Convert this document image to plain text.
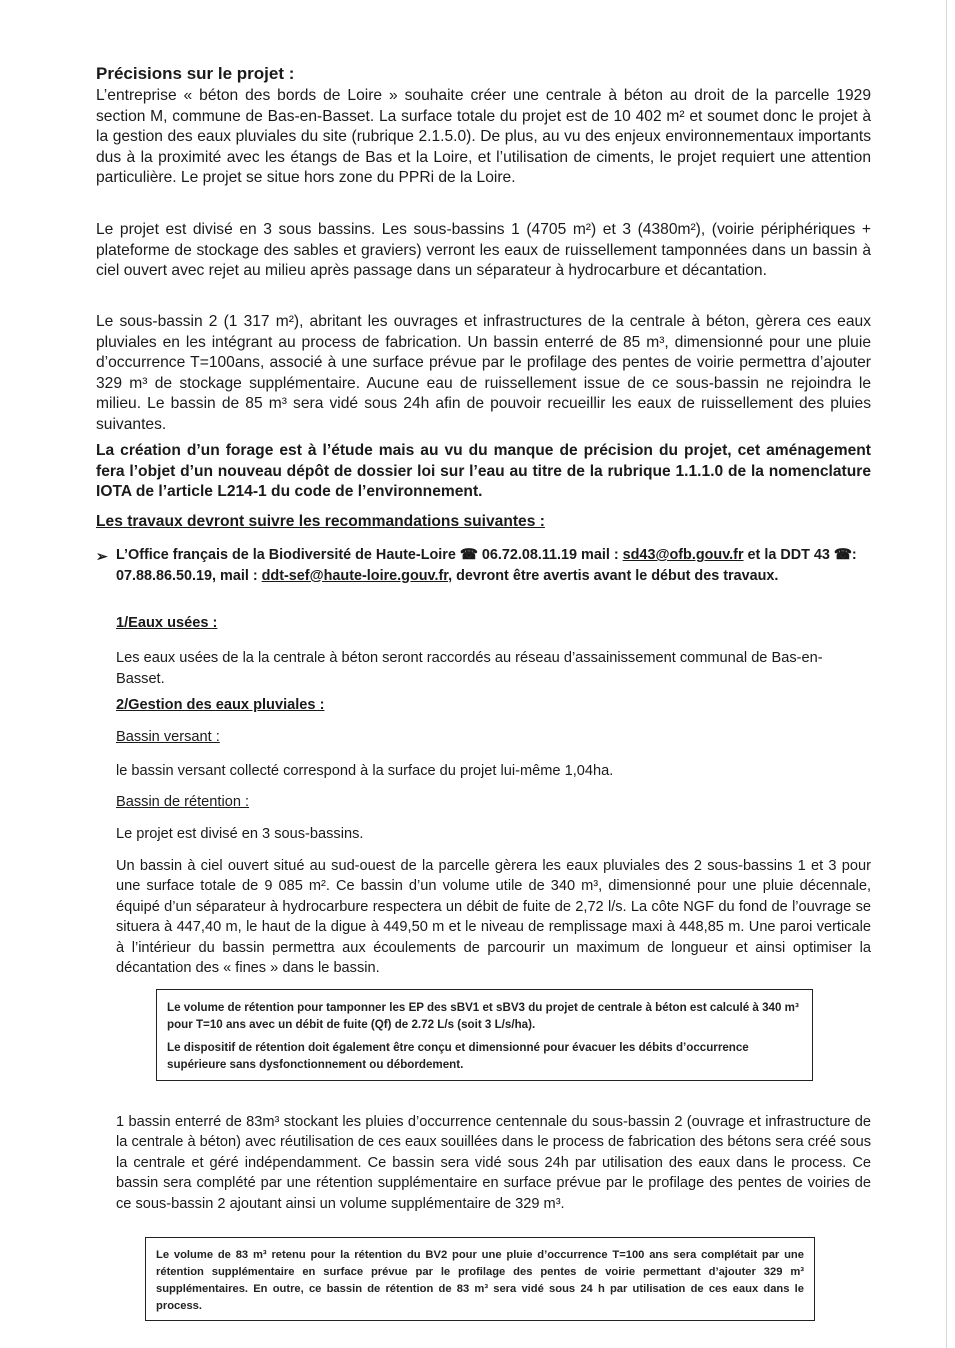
Précisions sur le projet :
L’entreprise « béton des bords de Loire » souhaite créer une centrale à béton au droit de la parcelle 1929 section M, commune de Bas-en-Basset. La surface totale du projet est de 10 402 m² et soumet donc le projet à la gestion des eaux pluviales du site (rubrique 2.1.5.0). De plus, au vu des enjeux environnementaux importants dus à la proximité avec les étangs de Bas et la Loire, et l’utilisation de ciments, le projet requiert une attention particulière. Le projet se situe hors zone du PPRi de la Loire.
Le projet est divisé en 3 sous bassins. Les sous-bassins 1 (4705 m²) et 3 (4380m²), (voirie périphériques + plateforme de stockage des sables et graviers) verront les eaux de ruissellement tamponnées dans un bassin à ciel ouvert avec rejet au milieu après passage dans un séparateur à hydrocarbure et décantation.
Le sous-bassin 2 (1 317 m²), abritant les ouvrages et infrastructures de la centrale à béton, gèrera ces eaux pluviales en les intégrant au process de fabrication. Un bassin enterré de 85 m³, dimensionné pour une pluie d’occurrence T=100ans, associé à une surface prévue par le profilage des pentes de voirie permettra d’ajouter 329 m³ de stockage supplémentaire. Aucune eau de ruissellement issue de ce sous-bassin ne rejoindra le milieu. Le bassin de 85 m³ sera vidé sous 24h afin de pouvoir recueillir les eaux de ruissellement des pluies suivantes.
La création d’un forage est à l’étude mais au vu du manque de précision du projet, cet aménagement fera l’objet d’un nouveau dépôt de dossier loi sur l’eau au titre de la rubrique 1.1.1.0 de la nomenclature IOTA de l’article L214-1 du code de l’environnement.
Les travaux devront suivre les recommandations suivantes :
➢ L’Office français de la Biodiversité de Haute-Loire ☎ 06.72.08.11.19 mail : sd43@ofb.gouv.fr et la DDT 43 ☎: 07.88.86.50.19, mail : ddt-sef@haute-loire.gouv.fr, devront être avertis avant le début des travaux.
1/Eaux usées :
Les eaux usées de la la centrale à béton seront raccordés au réseau d’assainissement communal de Bas-en-Basset.
2/Gestion des eaux pluviales :
Bassin versant :
le bassin versant collecté correspond à la surface du projet lui-même 1,04ha.
Bassin de rétention :
Le projet est divisé en 3 sous-bassins.
Un bassin à ciel ouvert situé au sud-ouest de la parcelle gèrera les eaux pluviales des 2 sous-bassins 1 et 3 pour une surface totale de 9 085 m². Ce bassin d’un volume utile de 340 m³, dimensionné pour une pluie décennale, équipé d’un séparateur à hydrocarbure respectera un débit de fuite de 2,72 l/s. La côte NGF du fond de l’ouvrage se situera à 447,40 m, le haut de la digue à 449,50 m et le niveau de remplissage maxi à 448,85 m. Une paroi verticale à l’intérieur du bassin permettra aux écoulements de parcourir un maximum de longueur et ainsi optimiser la décantation des « fines » dans le bassin.

Le volume de rétention pour tamponner les EP des sBV1 et sBV3 du projet de centrale à béton est calculé à 340 m³ pour T=10 ans avec un débit de fuite (Qf) de 2.72 L/s (soit 3 L/s/ha).

Le dispositif de rétention doit également être conçu et dimensionné pour évacuer les débits d’occurrence supérieure sans dysfonctionnement ou débordement.

1 bassin enterré de 83m³ stockant les pluies d’occurrence centennale du sous-bassin 2 (ouvrage et infrastructure de la centrale à béton) avec réutilisation de ces eaux souillées dans le process de fabrication des bétons sera créé sous la centrale et géré indépendamment. Ce bassin sera vidé sous 24h par utilisation des eaux dans le process. Ce bassin sera complété par une rétention supplémentaire en surface prévue par le profilage des pentes de voiries de ce sous-bassin 2 ajoutant ainsi un volume supplémentaire de 329 m³.
Le volume de 83 m³ retenu pour la rétention du BV2 pour une pluie d’occurrence T=100 ans sera complétait par une rétention supplémentaire en surface prévue par le profilage des pentes de voirie permettant d’ajouter 329 m³ supplémentaires. En outre, ce bassin de rétention de 83 m³ sera vidé sous 24 h par utilisation de ces eaux dans le process.
